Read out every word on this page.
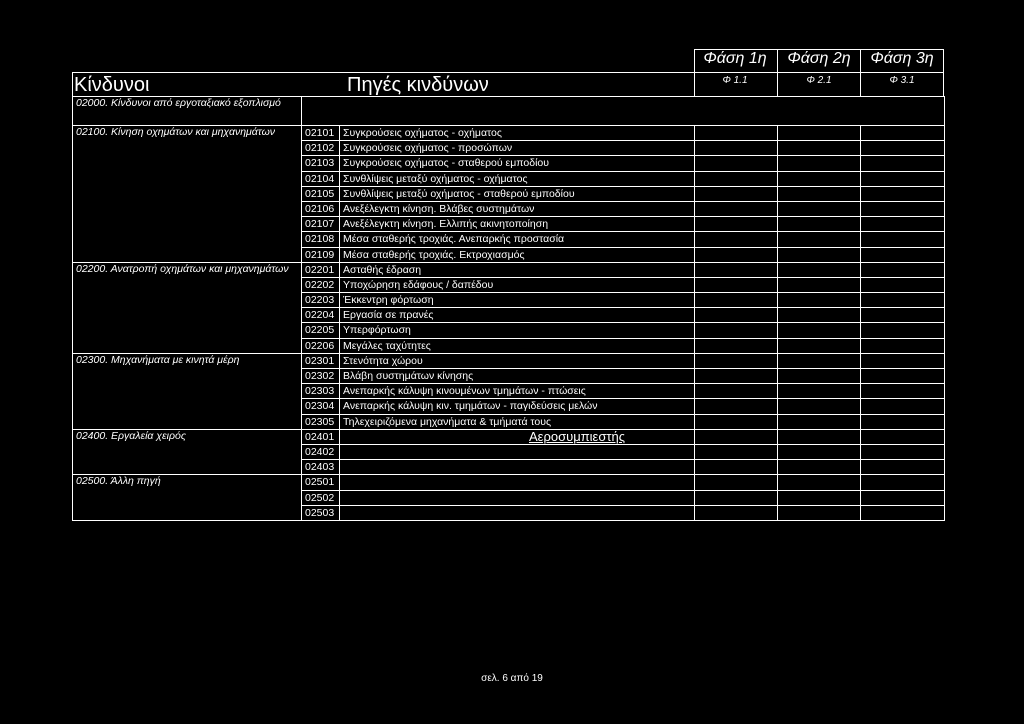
Κίνδυνοι	Πηγές κινδύνων
Φάση 1η	Φάση 2η	Φάση 3η
Φ 1.1	Φ 2.1	Φ 3.1
02000. Κίνδυνοι από εργοταξιακό εξοπλισμό					
02100. Κίνηση οχημάτων και μηχανημάτων	02101	Συγκρούσεις οχήματος - οχήματος			
	02102	Συγκρούσεις οχήματος - προσώπων			
	02103	Συγκρούσεις οχήματος - σταθερού εμποδίου			
	02104	Συνθλίψεις μεταξύ οχήματος - οχήματος			
	02105	Συνθλίψεις μεταξύ οχήματος - σταθερού εμποδίου			
	02106	Ανεξέλεγκτη κίνηση. Βλάβες συστημάτων			
	02107	Ανεξέλεγκτη κίνηση. Ελλιπής ακινητοποίηση			
	02108	Μέσα σταθερής τροχιάς. Ανεπαρκής προστασία			
	02109	Μέσα σταθερής τροχιάς. Εκτροχιασμός			
02200. Ανατροπή οχημάτων και μηχανημάτων	02201	Ασταθής έδραση			
	02202	Υποχώρηση εδάφους / δαπέδου			
	02203	Έκκεντρη φόρτωση			
	02204	Εργασία σε πρανές			
	02205	Υπερφόρτωση			
	02206	Μεγάλες ταχύτητες			
02300. Μηχανήματα με κινητά μέρη	02301	Στενότητα χώρου			
	02302	Βλάβη συστημάτων κίνησης			
	02303	Ανεπαρκής κάλυψη κινουμένων τμημάτων - πτώσεις			
	02304	Ανεπαρκής κάλυψη κιν. τμημάτων - παγιδεύσεις μελών			
	02305	Τηλεχειριζόμενα μηχανήματα & τμήματά τους			
02400. Εργαλεία χειρός	02401	Αεροσυμπιεστής			

	02402				
	02403				
02500. Άλλη πηγή	02501				
	02502				
	02503				
σελ. 6 από 19
